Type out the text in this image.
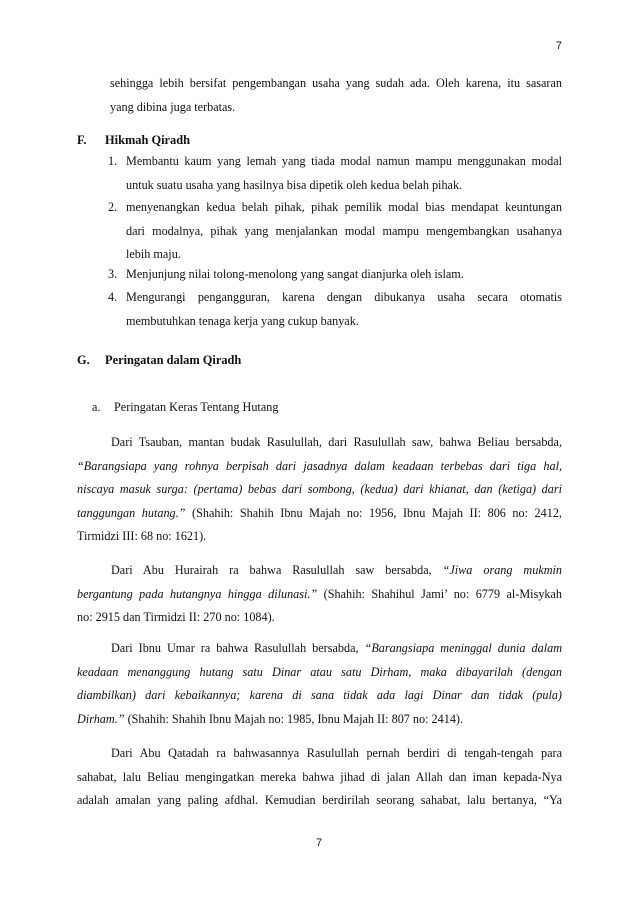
7
sehingga lebih bersifat pengembangan usaha yang sudah ada. Oleh karena, itu sasaran
yang dibina juga terbatas.
F. Hikmah Qiradh
1. Membantu kaum yang lemah yang tiada modal namun mampu menggunakan modal
untuk suatu usaha yang hasilnya bisa dipetik oleh kedua belah pihak.
2. menyenangkan kedua belah pihak, pihak pemilik modal bias mendapat keuntungan
dari modalnya, pihak yang menjalankan modal mampu mengembangkan usahanya
lebih maju.
3. Menjunjung nilai tolong-menolong yang sangat dianjurka oleh islam.
4. Mengurangi pengangguran, karena dengan dibukanya usaha secara otomatis
membutuhkan tenaga kerja yang cukup banyak.
G. Peringatan dalam Qiradh
a. Peringatan Keras Tentang Hutang
Dari Tsauban, mantan budak Rasulullah, dari Rasulullah saw, bahwa Beliau bersabda,
“Barangsiapa yang rohnya berpisah dari jasadnya dalam keadaan terbebas dari tiga hal,
niscaya masuk surga: (pertama) bebas dari sombong, (kedua) dari khianat, dan (ketiga) dari
tanggungan hutang.” (Shahih: Shahih Ibnu Majah no: 1956, Ibnu Majah II: 806 no: 2412,
Tirmidzi III: 68 no: 1621).
Dari Abu Hurairah ra bahwa Rasulullah saw bersabda, “Jiwa orang mukmin
bergantung pada hutangnya hingga dilunasi.” (Shahih: Shahihul Jami’ no: 6779 al-Misykah
no: 2915 dan Tirmidzi II: 270 no: 1084).
Dari Ibnu Umar ra bahwa Rasulullah bersabda, “Barangsiapa meninggal dunia dalam
keadaan menanggung hutang satu Dinar atau satu Dirham, maka dibayarilah (dengan
diambilkan) dari kebaikannya; karena di sana tidak ada lagi Dinar dan tidak (pula)
Dirham.” (Shahih: Shahih Ibnu Majah no: 1985, Ibnu Majah II: 807 no: 2414).
Dari Abu Qatadah ra bahwasannya Rasulullah pernah berdiri di tengah-tengah para
sahabat, lalu Beliau mengingatkan mereka bahwa jihad di jalan Allah dan iman kepada-Nya
adalah amalan yang paling afdhal. Kemudian berdirilah seorang sahabat, lalu bertanya, “Ya
7
